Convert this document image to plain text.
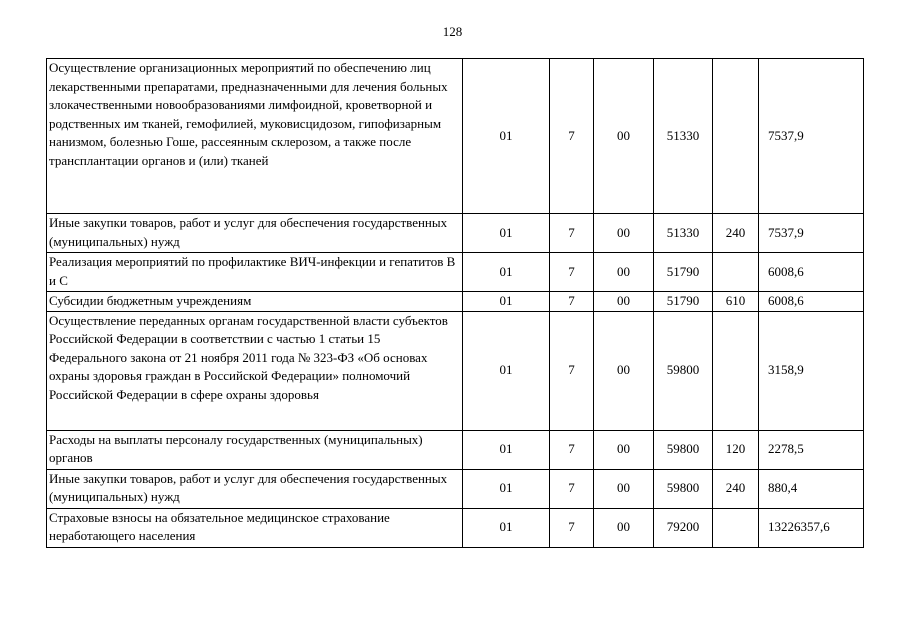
128
Осуществление организационных мероприятий по обеспечению лиц лекарственными препаратами, предназначенными для лечения больных злокачественными новообразованиями лимфоидной, кроветворной и родственных им тканей, гемофилией, муковисцидозом, гипофизарным нанизмом, болезнью Гоше, рассеянным склерозом, а также после трансплантации органов и (или) тканей	01	7	00	51330		7537,9
Иные закупки товаров, работ и услуг для обеспечения государственных (муниципальных) нужд	01	7	00	51330	240	7537,9
Реализация мероприятий по профилактике ВИЧ-инфекции и гепатитов В и С	01	7	00	51790		6008,6
Субсидии бюджетным учреждениям	01	7	00	51790	610	6008,6
Осуществление переданных органам государственной власти субъектов Российской Федерации в соответствии с частью 1 статьи 15 Федерального закона от 21 ноября 2011 года № 323-ФЗ «Об основах охраны здоровья граждан в Российской Федерации» полномочий Российской Федерации в сфере охраны здоровья	01	7	00	59800		3158,9
Расходы на выплаты персоналу государственных (муниципальных) органов	01	7	00	59800	120	2278,5
Иные закупки товаров, работ и услуг для обеспечения государственных (муниципальных) нужд	01	7	00	59800	240	880,4
Страховые взносы на обязательное медицинское страхование неработающего населения	01	7	00	79200		13226357,6
